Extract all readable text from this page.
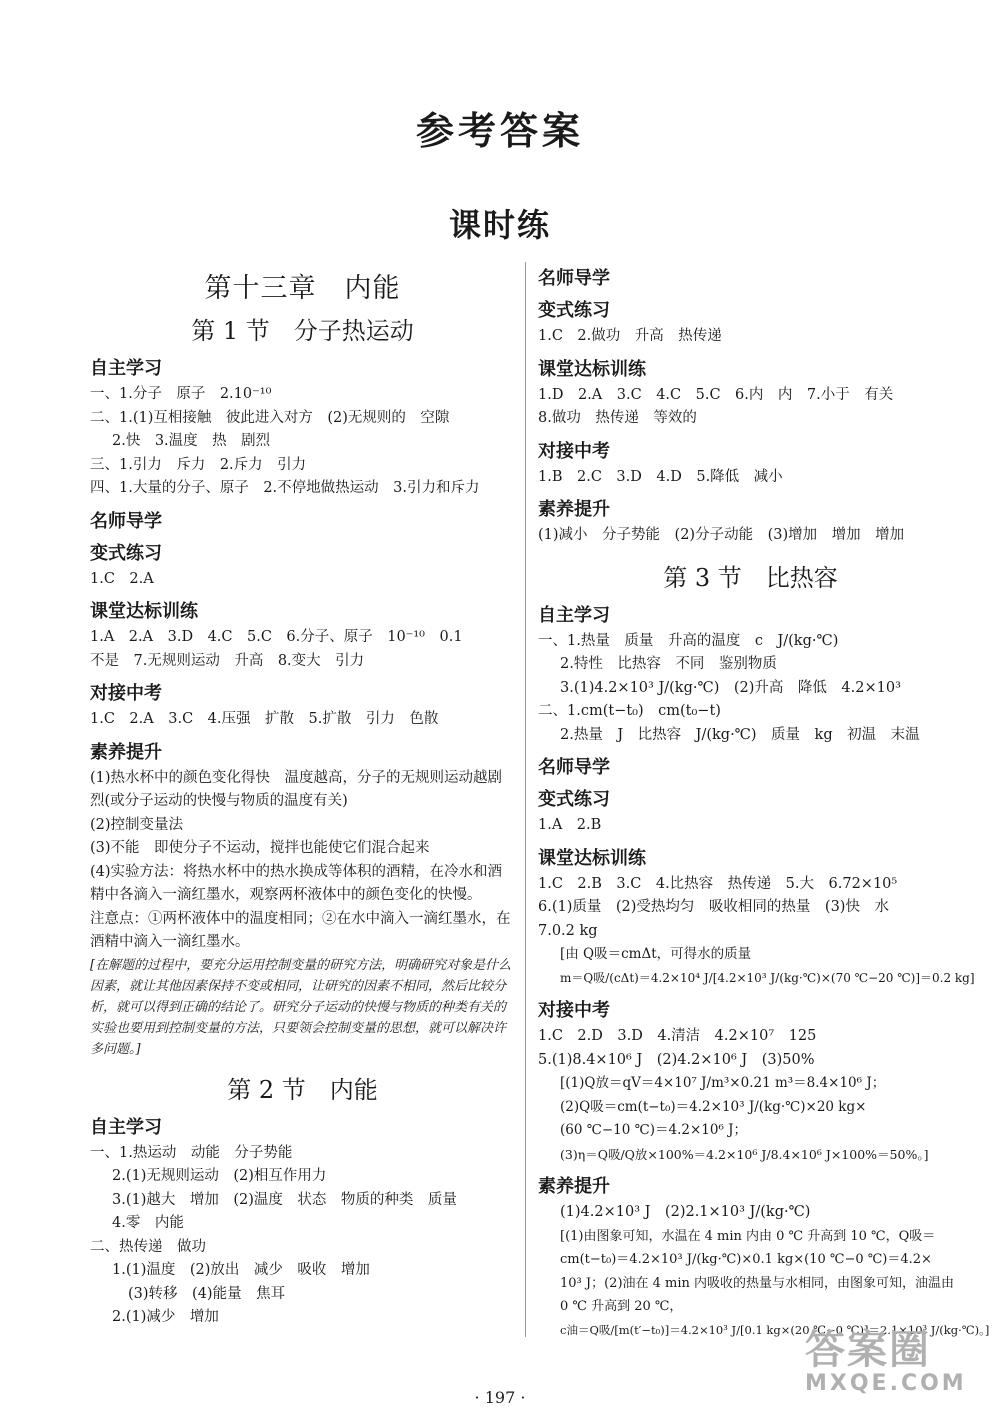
参考答案
课时练
第十三章　内能
第 1 节　分子热运动
自主学习
一、1.分子　原子　2.10⁻¹⁰
二、1.(1)互相接触　彼此进入对方　(2)无规则的　空隙
2.快　3.温度　热　剧烈
三、1.引力　斥力　2.斥力　引力
四、1.大量的分子、原子　2.不停地做热运动　3.引力和斥力
名师导学
变式练习
1.C　2.A
课堂达标训练
1.A　2.A　3.D　4.C　5.C　6.分子、原子　10⁻¹⁰　0.1
不是　7.无规则运动　升高　8.变大　引力
对接中考
1.C　2.A　3.C　4.压强　扩散　5.扩散　引力　色散
素养提升
(1)热水杯中的颜色变化得快　温度越高，分子的无规则运动越剧烈(或分子运动的快慢与物质的温度有关)
(2)控制变量法
(3)不能　即使分子不运动，搅拌也能使它们混合起来
(4)实验方法：将热水杯中的热水换成等体积的酒精，在冷水和酒精中各滴入一滴红墨水，观察两杯液体中的颜色变化的快慢。
注意点：①两杯液体中的温度相同；②在水中滴入一滴红墨水，在酒精中滴入一滴红墨水。
[在解题的过程中，要充分运用控制变量的研究方法，明确研究对象是什么因素，就让其他因素保持不变或相同，让研究的因素不相同，然后比较分析，就可以得到正确的结论了。研究分子运动的快慢与物质的种类有关的实验也要用到控制变量的方法，只要领会控制变量的思想，就可以解决许多问题。]
第 2 节　内能
自主学习
一、1.热运动　动能　分子势能
2.(1)无规则运动　(2)相互作用力
3.(1)越大　增加　(2)温度　状态　物质的种类　质量
4.零　内能
二、热传递　做功
1.(1)温度　(2)放出　减少　吸收　增加
(3)转移　(4)能量　焦耳
2.(1)减少　增加
名师导学
变式练习
1.C　2.做功　升高　热传递
课堂达标训练
1.D　2.A　3.C　4.C　5.C　6.内　内　7.小于　有关
8.做功　热传递　等效的
对接中考
1.B　2.C　3.D　4.D　5.降低　减小
素养提升
(1)减小　分子势能　(2)分子动能　(3)增加　增加　增加
第 3 节　比热容
自主学习
一、1.热量　质量　升高的温度　c　J/(kg·℃)
2.特性　比热容　不同　鉴别物质
3.(1)4.2×10³ J/(kg·℃)　(2)升高　降低　4.2×10³
二、1.cm(t−t₀)　cm(t₀−t)
2.热量　J　比热容　J/(kg·℃)　质量　kg　初温　末温
名师导学
变式练习
1.A　2.B
课堂达标训练
1.C　2.B　3.C　4.比热容　热传递　5.大　6.72×10⁵
6.(1)质量　(2)受热均匀　吸收相同的热量　(3)快　水
7.0.2 kg
[由 Q吸＝cmΔt，可得水的质量
m＝Q吸/(cΔt)＝4.2×10⁴ J/[4.2×10³ J/(kg·℃)×(70 ℃−20 ℃)]＝0.2 kg]
对接中考
1.C　2.D　3.D　4.清洁　4.2×10⁷　125
5.(1)8.4×10⁶ J　(2)4.2×10⁶ J　(3)50%
[(1)Q放＝qV＝4×10⁷ J/m³×0.21 m³＝8.4×10⁶ J；
(2)Q吸＝cm(t−t₀)＝4.2×10³ J/(kg·℃)×20 kg×
(60 ℃−10 ℃)＝4.2×10⁶ J；
(3)η＝Q吸/Q放×100%＝4.2×10⁶ J/8.4×10⁶ J×100%＝50%。]
素养提升
(1)4.2×10³ J　(2)2.1×10³ J/(kg·℃)
[(1)由图象可知，水温在 4 min 内由 0 ℃ 升高到 10 ℃，Q吸＝
cm(t−t₀)＝4.2×10³ J/(kg·℃)×0.1 kg×(10 ℃−0 ℃)＝4.2×
10³ J；(2)油在 4 min 内吸收的热量与水相同，由图象可知，油温由
0 ℃ 升高到 20 ℃，
c油＝Q吸/[m(t′−t₀)]＝4.2×10³ J/[0.1 kg×(20 ℃−0 ℃)]＝2.1×10³ J/(kg·℃)。]
· 197 ·
答案圈
MXQE.COM
